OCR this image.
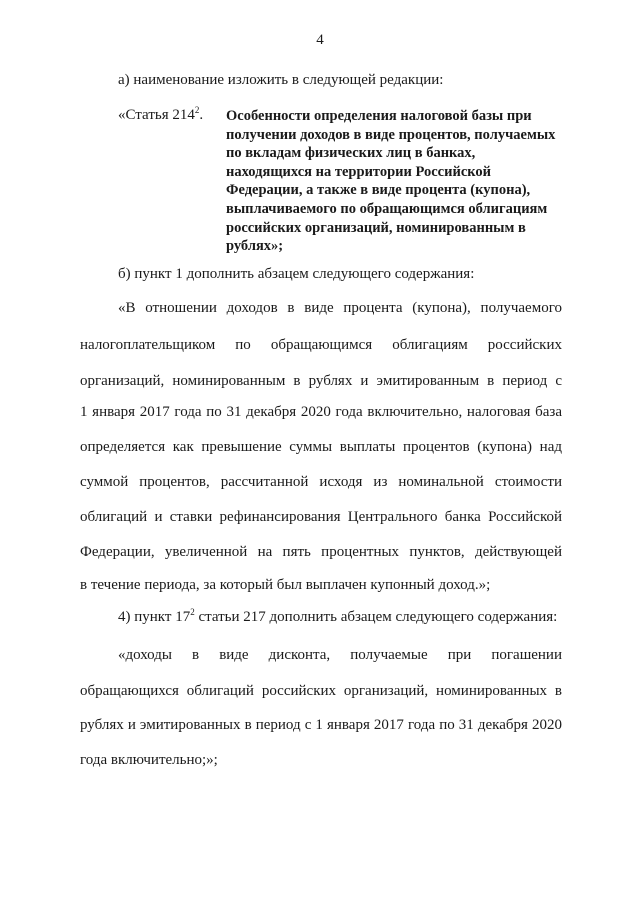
4
а) наименование изложить в следующей редакции:
«Статья $214^2$. Особенности определения налоговой базы при получении доходов в виде процентов, получаемых по вкладам физических лиц в банках, находящихся на территории Российской Федерации, а также в виде процента (купона), выплачиваемого по обращающимся облигациям российских организаций, номинированным в рублях»;
б) пункт 1 дополнить абзацем следующего содержания:
«В отношении доходов в виде процента (купона), получаемого
налогоплательщиком по обращающимся облигациям российских
организаций, номинированным в рублях и эмитированным в период с
1 января 2017 года по 31 декабря 2020 года включительно, налоговая база
определяется как превышение суммы выплаты процентов (купона) над
суммой процентов, рассчитанной исходя из номинальной стоимости
облигаций и ставки рефинансирования Центрального банка Российской
Федерации, увеличенной на пять процентных пунктов, действующей
в течение периода, за который был выплачен купонный доход.»;
4) пункт $17^2$ статьи 217 дополнить абзацем следующего содержания:
«доходы в виде дисконта, получаемые при погашении
обращающихся облигаций российских организаций, номинированных в
рублях и эмитированных в период с 1 января 2017 года по 31 декабря 2020
года включительно;»;
